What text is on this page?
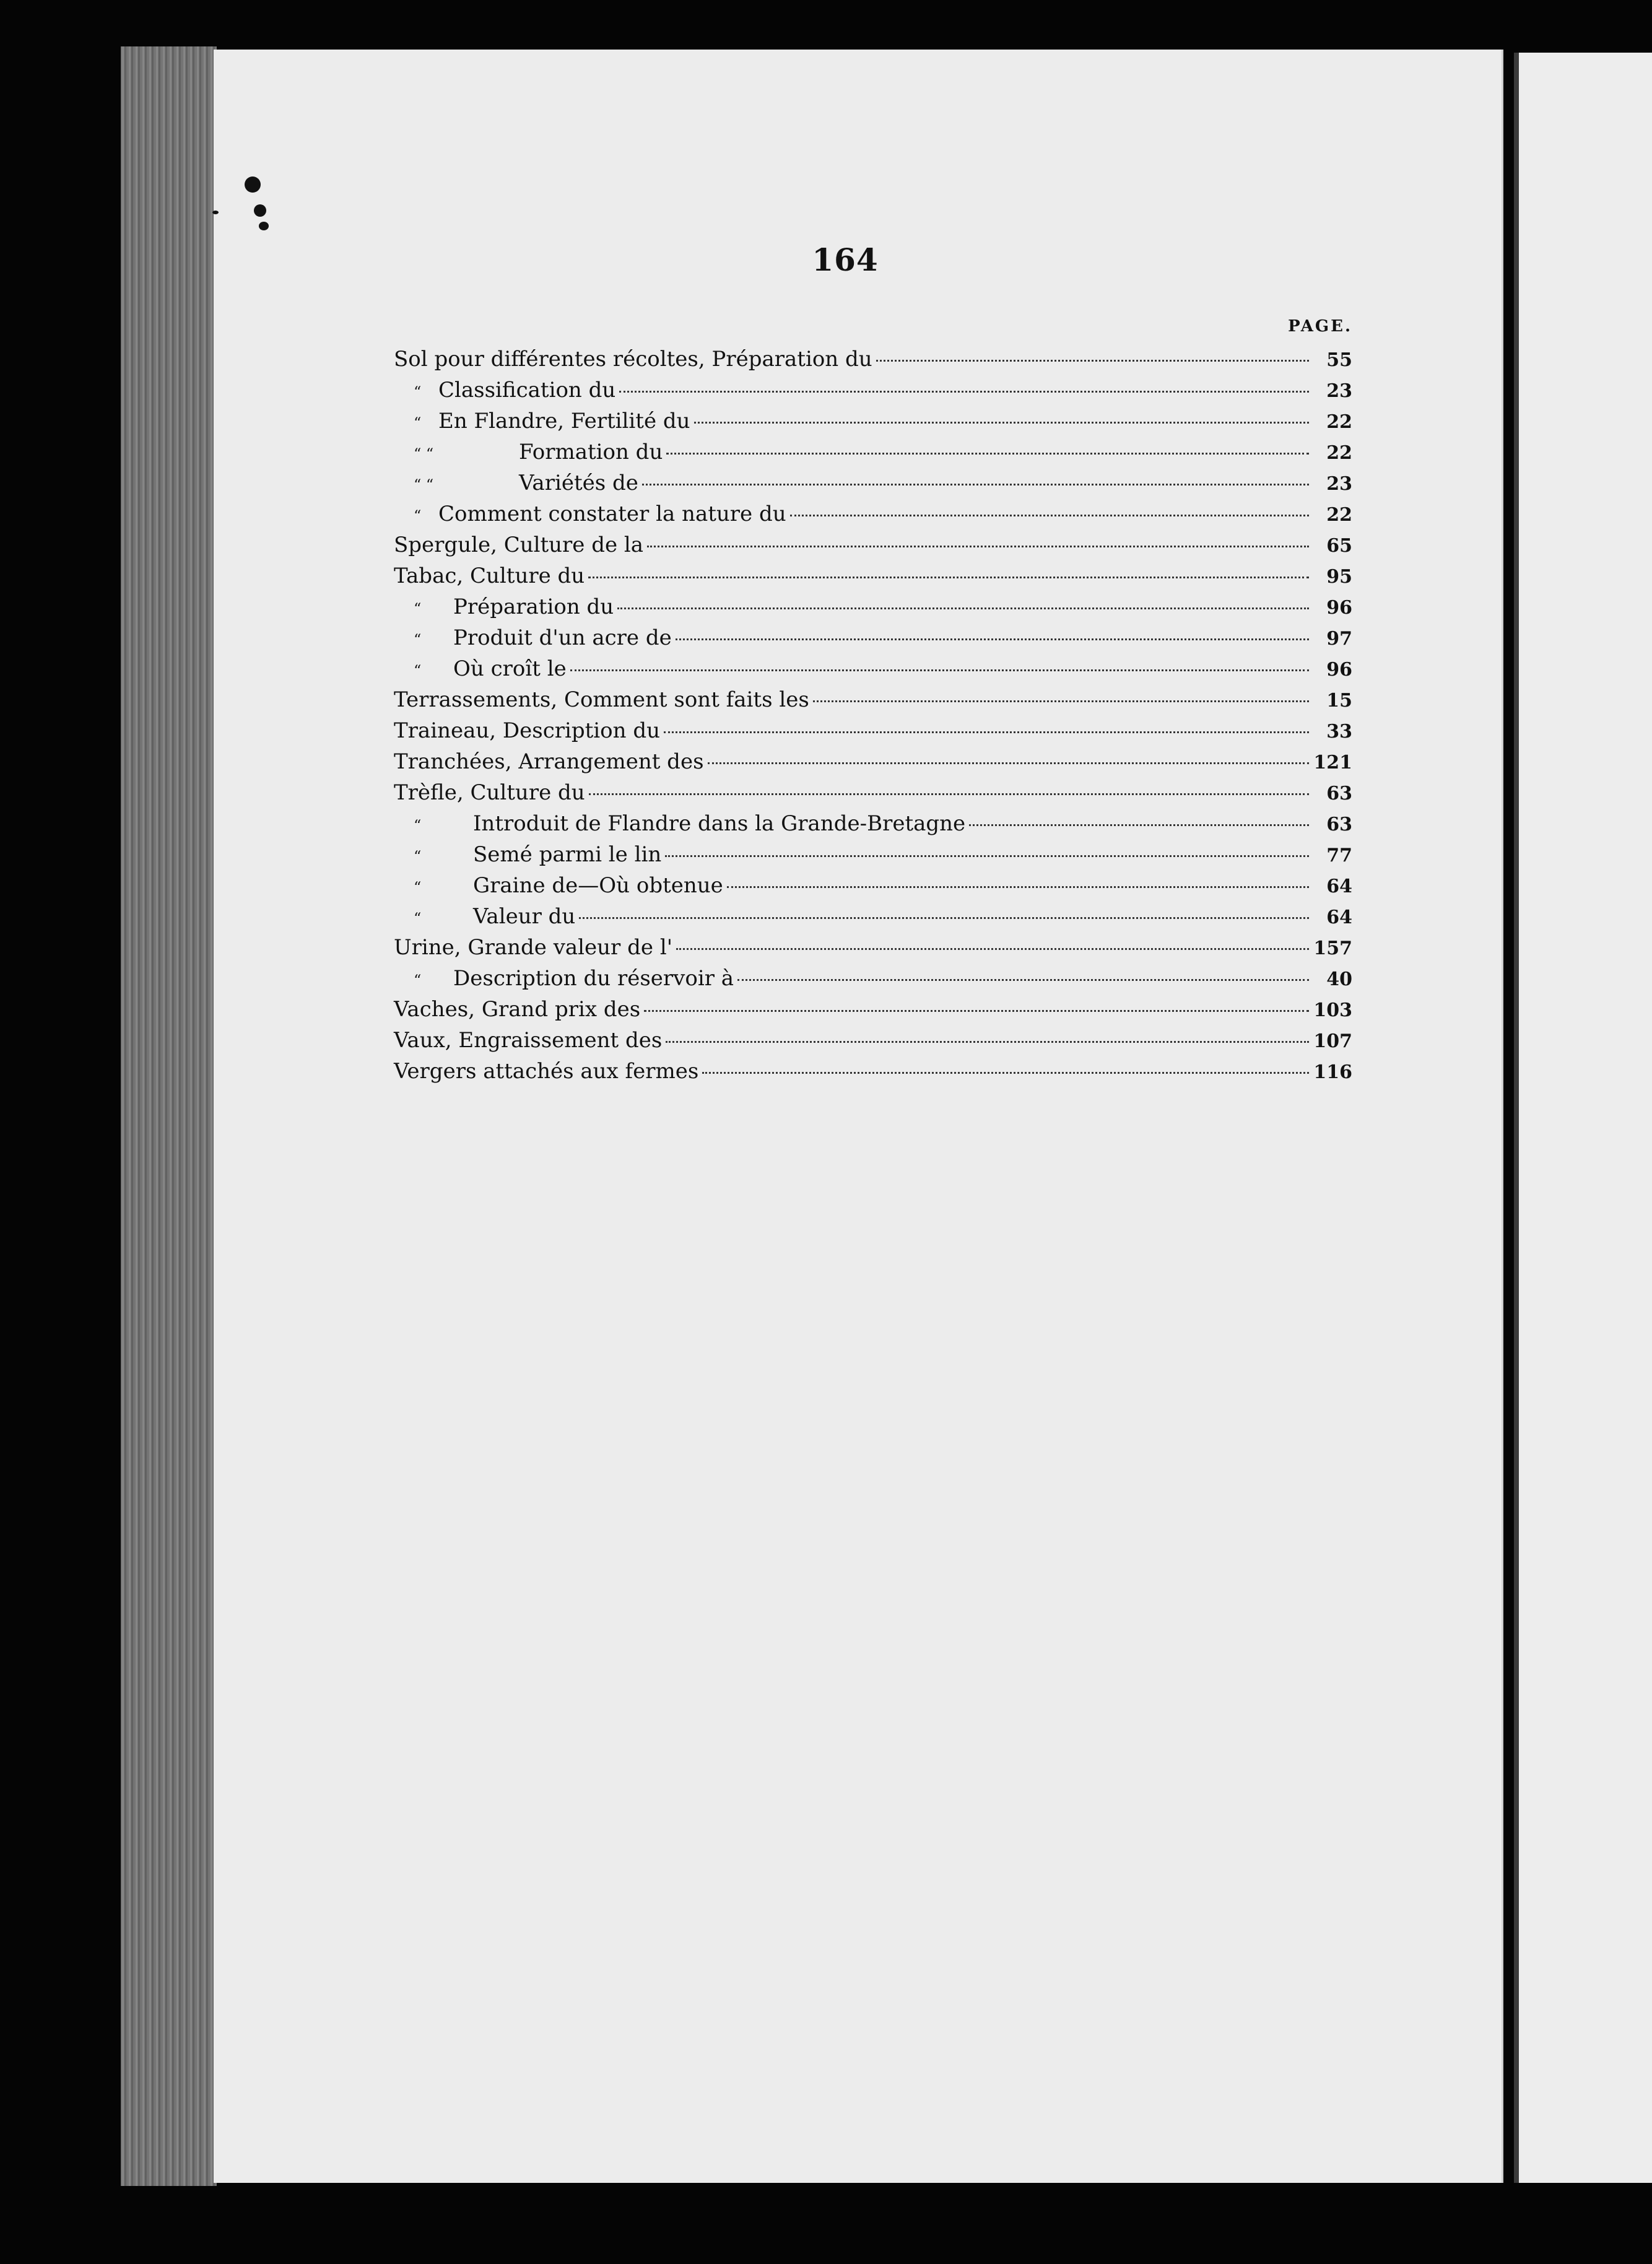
164
PAGE.
Sol pour différentes récoltes, Préparation du	55
“ Classification du	23
“ En Flandre, Fertilité du	22
“ “	Formation du	22
“ “	Variétés de	23
“ Comment constater la nature du	22
Spergule, Culture de la	65
Tabac, Culture du	95
“ Préparation du	96
“ Produit d'un acre de	97
“ Où croît le	96
Terrassements, Comment sont faits les	15
Traineau, Description du	33
Tranchées, Arrangement des	121
Trèfle, Culture du	63
“ Introduit de Flandre dans la Grande-Bretagne	63
“ Semé parmi le lin	77
“ Graine de—Où obtenue	64
“ Valeur du	64
Urine, Grande valeur de l'	157
“ Description du réservoir à	40
Vaches, Grand prix des	103
Vaux, Engraissement des	107
Vergers attachés aux fermes	116
